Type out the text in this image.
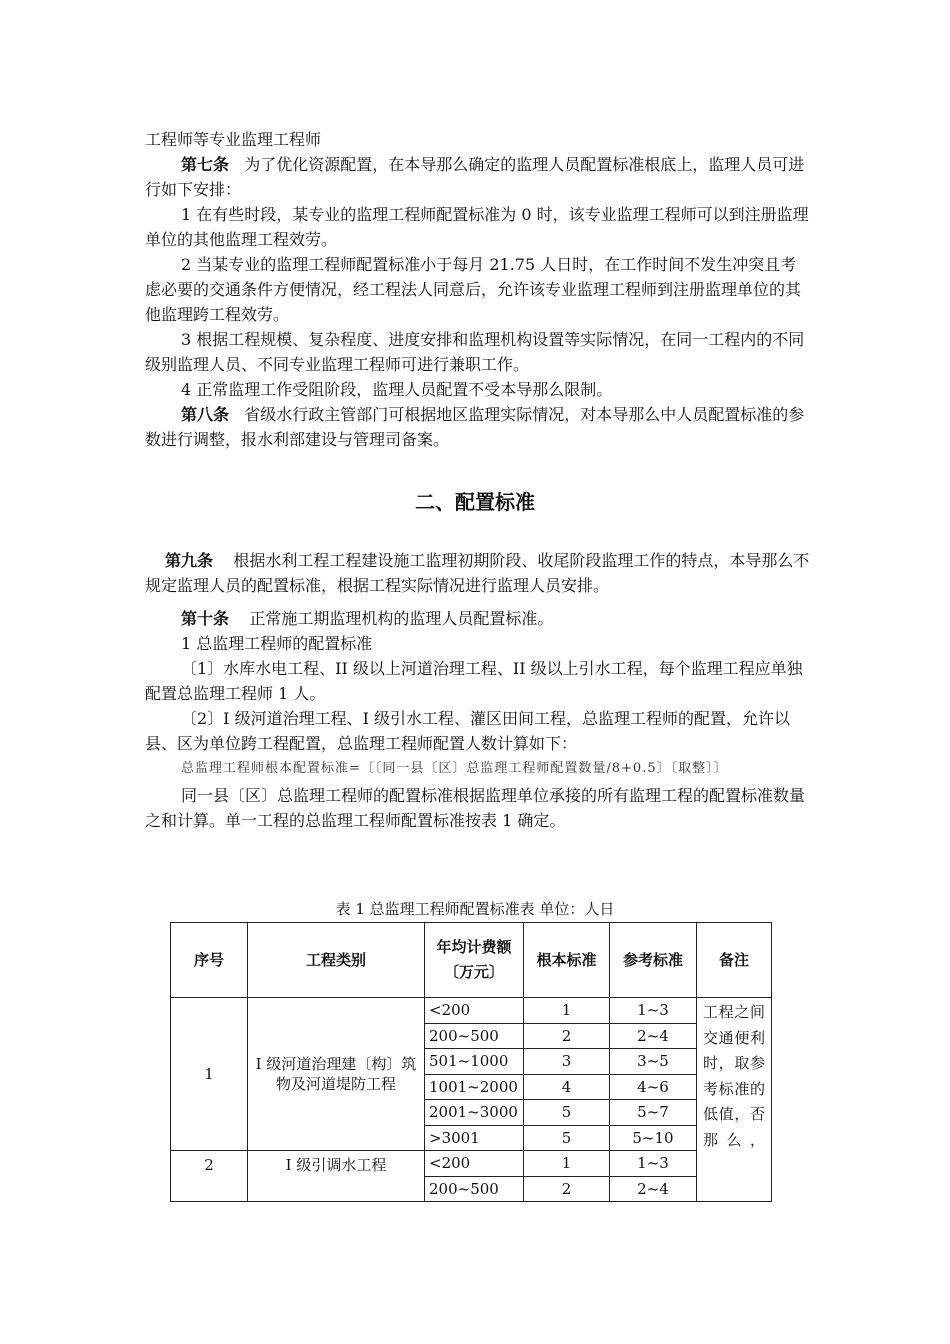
工程师等专业监理工程师

第七条 为了优化资源配置，在本导那么确定的监理人员配置标准根底上，监理人员可进行如下安排：

1 在有些时段，某专业的监理工程师配置标准为 0 时，该专业监理工程师可以到注册监理单位的其他监理工程效劳。

2 当某专业的监理工程师配置标准小于每月 21.75 人日时，在工作时间不发生冲突且考虑必要的交通条件方便情况，经工程法人同意后，允许该专业监理工程师到注册监理单位的其他监理跨工程效劳。

3 根据工程规模、复杂程度、进度安排和监理机构设置等实际情况，在同一工程内的不同级别监理人员、不同专业监理工程师可进行兼职工作。

4 正常监理工作受阻阶段，监理人员配置不受本导那么限制。

第八条 省级水行政主管部门可根据地区监理实际情况，对本导那么中人员配置标准的参数进行调整，报水利部建设与管理司备案。

二、配置标准

第九条 根据水利工程工程建设施工监理初期阶段、收尾阶段监理工作的特点，本导那么不规定监理人员的配置标准，根据工程实际情况进行监理人员安排。

第十条 正常施工期监理机构的监理人员配置标准。

1 总监理工程师的配置标准

〔1〕水库水电工程、II 级以上河道治理工程、II 级以上引水工程，每个监理工程应单独配置总监理工程师 1 人。

〔2〕I 级河道治理工程、I 级引水工程、灌区田间工程，总监理工程师的配置，允许以县、区为单位跨工程配置，总监理工程师配置人数计算如下：

总监理工程师根本配置标准=〔〔同一县〔区〕总监理工程师配置数量/8+0.5〕〔取整〕〕

同一县〔区〕总监理工程师的配置标准根据监理单位承接的所有监理工程的配置标准数量之和计算。单一工程的总监理工程师配置标准按表 1 确定。

表 1 总监理工程师配置标准表 单位：人日
序号	工程类别	年均计费额〔万元〕	根本标准	参考标准	备注
1	I 级河道治理建〔构〕筑物及河道堤防工程	<200	1	1~3	工程之间交通便利时，取参考标准的低值，否那么，
		200~500	2	2~4	
		501~1000	3	3~5	
		1001~2000	4	4~6	
		2001~3000	5	5~7	
		>3001	5	5~10	
2	I 级引调水工程	<200	1	1~3	
		200~500	2	2~4	
